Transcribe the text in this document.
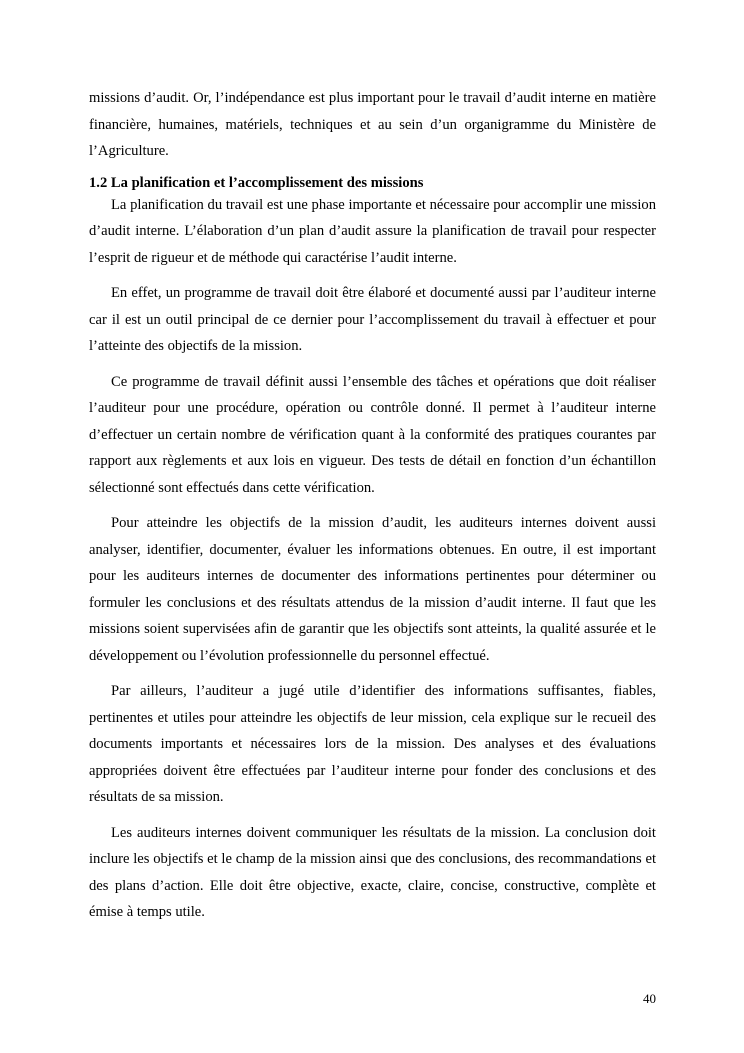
missions d’audit. Or, l’indépendance est plus important pour le travail d’audit interne en matière financière, humaines, matériels, techniques et au sein d’un organigramme du Ministère de l’Agriculture.

1.2 La planification et l’accomplissement des missions

La planification du travail est une phase importante et nécessaire pour accomplir une mission d’audit interne. L’élaboration d’un plan d’audit assure la planification de travail pour respecter l’esprit de rigueur et de méthode qui caractérise l’audit interne.

En effet, un programme de travail doit être élaboré et documenté aussi par l’auditeur interne car il est un outil principal de ce dernier pour l’accomplissement du travail à effectuer et pour l’atteinte des objectifs de la mission.

Ce programme de travail définit aussi l’ensemble des tâches et opérations que doit réaliser l’auditeur pour une procédure, opération ou contrôle donné. Il permet à l’auditeur interne d’effectuer un certain nombre de vérification quant à la conformité des pratiques courantes par rapport aux règlements et aux lois en vigueur. Des tests de détail en fonction d’un échantillon sélectionné sont effectués dans cette vérification.

Pour atteindre les objectifs de la mission d’audit, les auditeurs internes doivent aussi analyser, identifier, documenter, évaluer les informations obtenues. En outre, il est important pour les auditeurs internes de documenter des informations pertinentes pour déterminer ou formuler les conclusions et des résultats attendus de la mission d’audit interne. Il faut que les missions soient supervisées afin de garantir que les objectifs sont atteints, la qualité assurée et le développement ou l’évolution professionnelle du personnel effectué.

Par ailleurs, l’auditeur a jugé utile d’identifier des informations suffisantes, fiables, pertinentes et utiles pour atteindre les objectifs de leur mission, cela explique sur le recueil des documents importants et nécessaires lors de la mission. Des analyses et des évaluations appropriées doivent être effectuées par l’auditeur interne pour fonder des conclusions et des résultats de sa mission.

Les auditeurs internes doivent communiquer les résultats de la mission. La conclusion doit inclure les objectifs et le champ de la mission ainsi que des conclusions, des recommandations et des plans d’action. Elle doit être objective, exacte, claire, concise, constructive, complète et émise à temps utile.

40
